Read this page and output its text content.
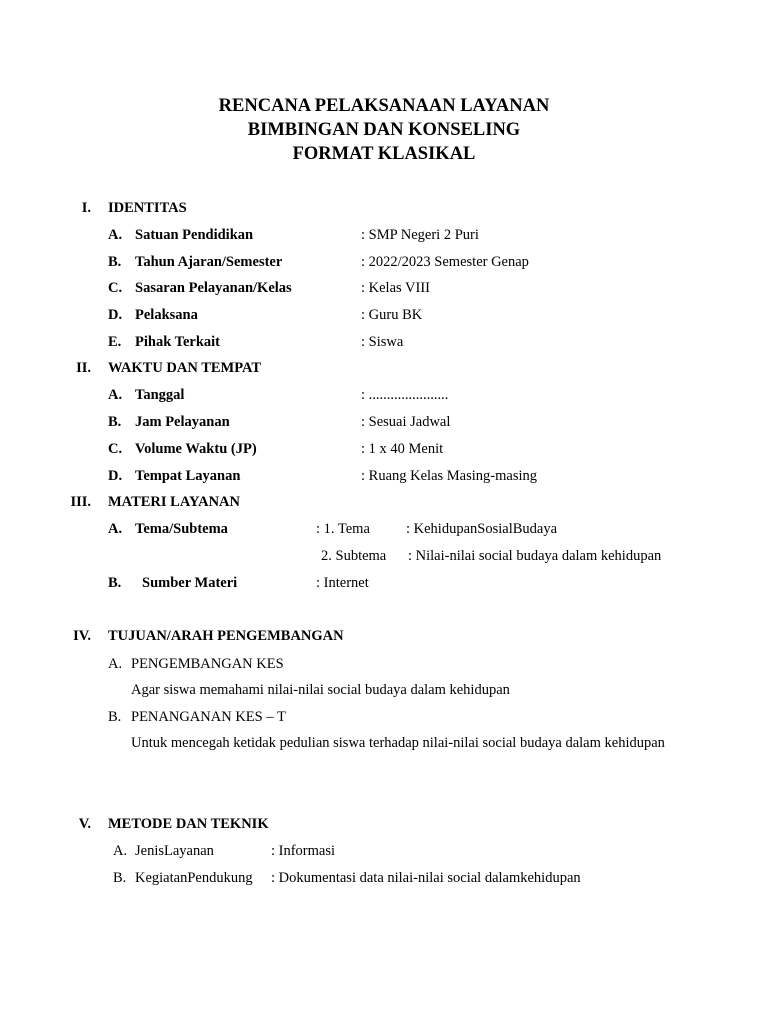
RENCANA PELAKSANAAN LAYANAN
BIMBINGAN DAN KONSELING
FORMAT KLASIKAL
I. IDENTITAS
A. Satuan Pendidikan	: SMP Negeri 2 Puri
B. Tahun Ajaran/Semester	: 2022/2023 Semester Genap
C. Sasaran Pelayanan/Kelas	: Kelas VIII
D. Pelaksana	: Guru BK
E. Pihak Terkait	: Siswa
II. WAKTU DAN TEMPAT
A. Tanggal	: ......................
B. Jam Pelayanan	: Sesuai Jadwal
C. Volume Waktu (JP)	: 1 x 40 Menit
D. Tempat Layanan	: Ruang Kelas Masing-masing
III. MATERI LAYANAN
A. Tema/Subtema	: 1. Tema : KehidupanSosialBudaya
2. Subtema : Nilai-nilai social budaya dalam kehidupan
B. Sumber Materi	: Internet
IV. TUJUAN/ARAH PENGEMBANGAN
A. PENGEMBANGAN KES
Agar siswa memahami nilai-nilai social budaya dalam kehidupan
B. PENANGANAN KES – T
Untuk mencegah ketidak pedulian siswa terhadap nilai-nilai social budaya dalam kehidupan
V. METODE DAN TEKNIK
A. JenisLayanan	: Informasi
B. KegiatanPendukung : Dokumentasi data nilai-nilai social dalamkehidupan
